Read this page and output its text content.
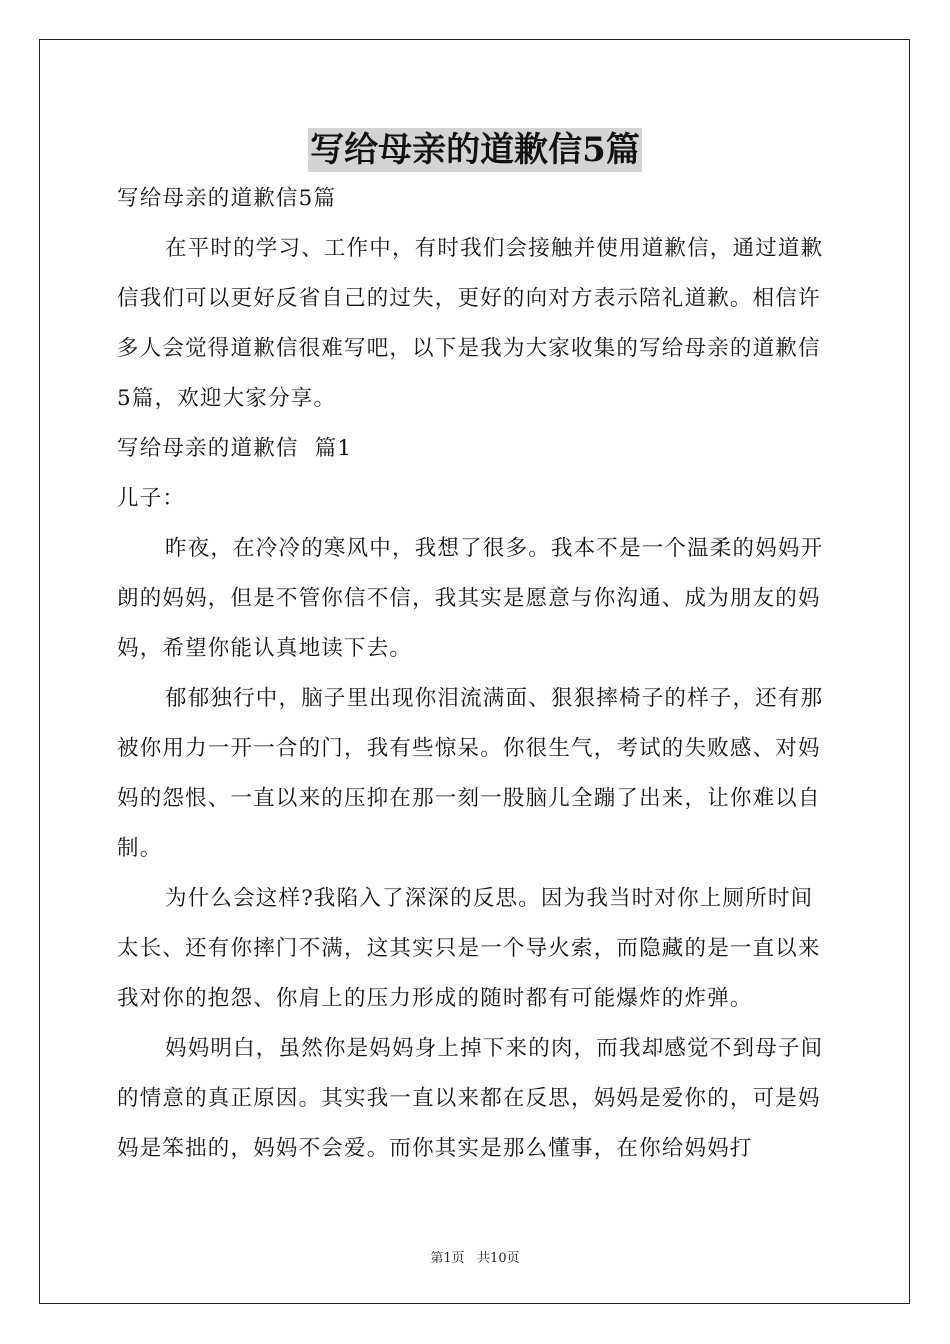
写给母亲的道歉信5篇

写给母亲的道歉信5篇

在平时的学习、工作中，有时我们会接触并使用道歉信，通过道歉信我们可以更好反省自己的过失，更好的向对方表示陪礼道歉。相信许多人会觉得道歉信很难写吧，以下是我为大家收集的写给母亲的道歉信5篇，欢迎大家分享。

写给母亲的道歉信  篇1

儿子：

昨夜，在冷冷的寒风中，我想了很多。我本不是一个温柔的妈妈开朗的妈妈，但是不管你信不信，我其实是愿意与你沟通、成为朋友的妈妈，希望你能认真地读下去。

郁郁独行中，脑子里出现你泪流满面、狠狠摔椅子的样子，还有那被你用力一开一合的门，我有些惊呆。你很生气，考试的失败感、对妈妈的怨恨、一直以来的压抑在那一刻一股脑儿全蹦了出来，让你难以自制。

为什么会这样?我陷入了深深的反思。因为我当时对你上厕所时间太长、还有你摔门不满，这其实只是一个导火索，而隐藏的是一直以来我对你的抱怨、你肩上的压力形成的随时都有可能爆炸的炸弹。

妈妈明白，虽然你是妈妈身上掉下来的肉，而我却感觉不到母子间的情意的真正原因。其实我一直以来都在反思，妈妈是爱你的，可是妈妈是笨拙的，妈妈不会爱。而你其实是那么懂事，在你给妈妈打

第1页   共10页
